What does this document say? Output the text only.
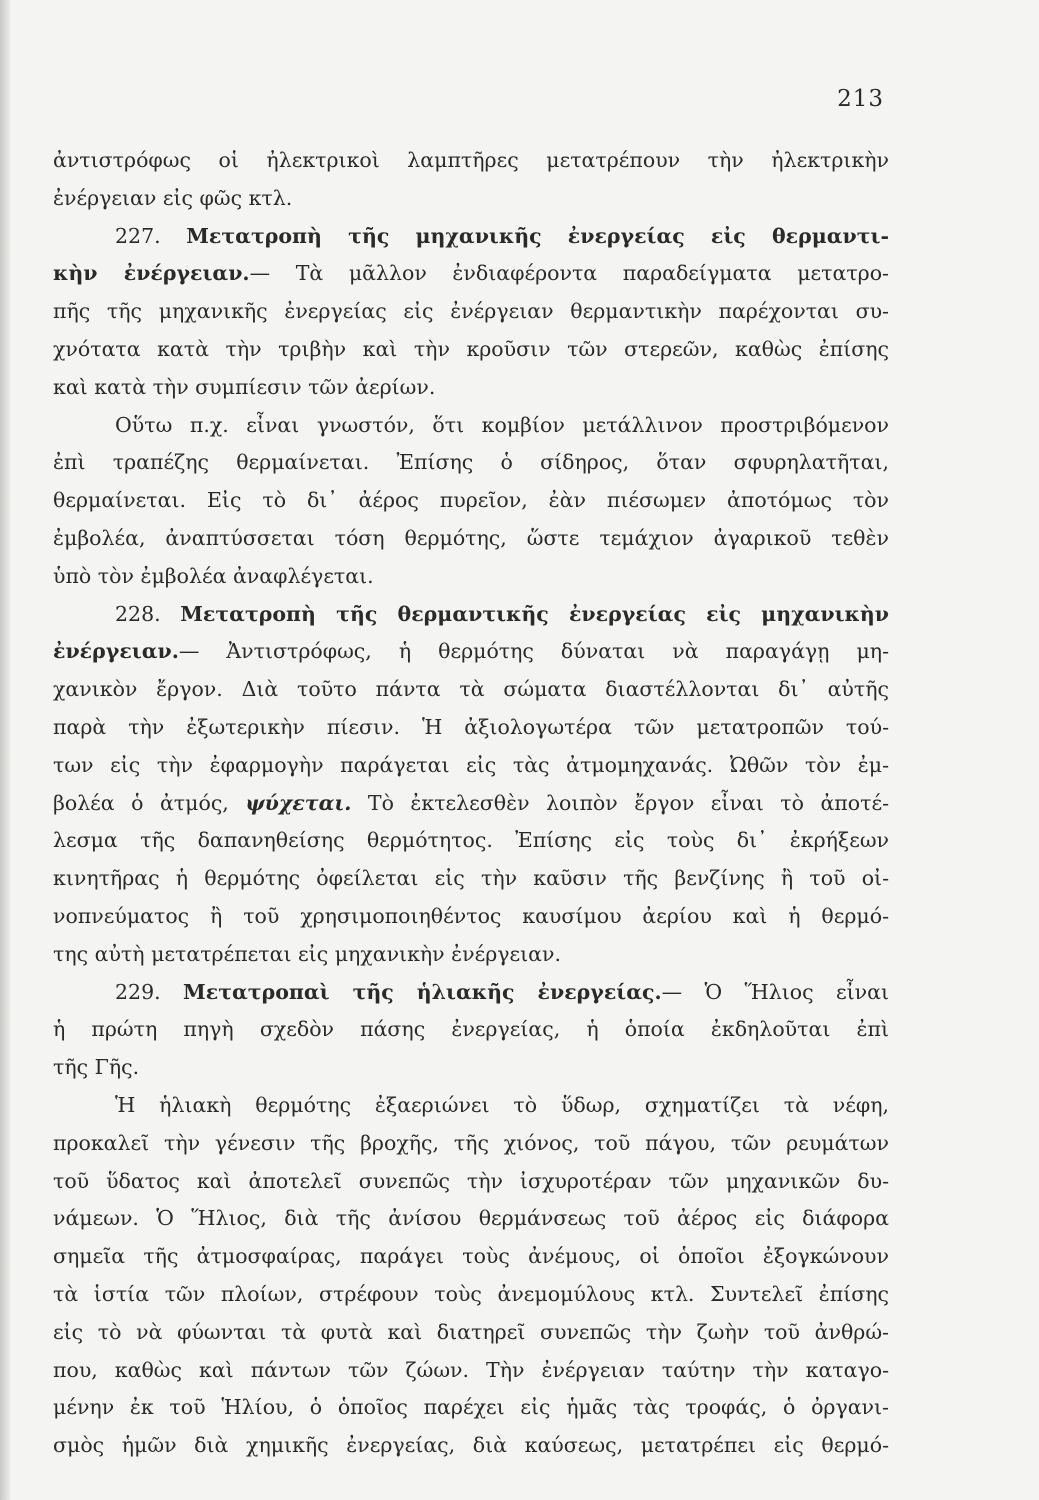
213
ἀντιστρόφως οἱ ἠλεκτρικοὶ λαμπτῆρες μετατρέπουν τὴν ἠλεκτρικὴν
ἐνέργειαν εἰς φῶς κτλ.
227. Μετατροπὴ τῆς μηχανικῆς ἐνεργείας εἰς θερμαντι-
κὴν ἐνέργειαν.— Τὰ μᾶλλον ἐνδιαφέροντα παραδείγματα μετατρο-
πῆς τῆς μηχανικῆς ἐνεργείας εἰς ἐνέργειαν θερμαντικὴν παρέχονται συ-
χνότατα κατὰ τὴν τριβὴν καὶ τὴν κροῦσιν τῶν στερεῶν, καθὼς ἐπίσης
καὶ κατὰ τὴν συμπίεσιν τῶν ἀερίων.
Οὕτω π.χ. εἶναι γνωστόν, ὅτι κομβίον μετάλλινον προστριβόμενον
ἐπὶ τραπέζης θερμαίνεται. Ἐπίσης ὁ σίδηρος, ὅταν σφυρηλατῆται,
θερμαίνεται. Εἰς τὸ δι᾿ ἀέρος πυρεῖον, ἐὰν πιέσωμεν ἀποτόμως τὸν
ἐμβολέα, ἀναπτύσσεται τόση θερμότης, ὥστε τεμάχιον ἀγαρικοῦ τεθὲν
ὑπὸ τὸν ἐμβολέα ἀναφλέγεται.
228. Μετατροπὴ τῆς θερμαντικῆς ἐνεργείας εἰς μηχανικὴν
ἐνέργειαν.— Ἀντιστρόφως, ἡ θερμότης δύναται νὰ παραγάγῃ μη-
χανικὸν ἔργον. Διὰ τοῦτο πάντα τὰ σώματα διαστέλλονται δι᾿ αὐτῆς
παρὰ τὴν ἐξωτερικὴν πίεσιν. Ἡ ἀξιολογωτέρα τῶν μετατροπῶν τού-
των εἰς τὴν ἐφαρμογὴν παράγεται εἰς τὰς ἀτμομηχανάς. Ὠθῶν τὸν ἐμ-
βολέα ὁ ἀτμός, ψύχεται. Τὸ ἐκτελεσθὲν λοιπὸν ἔργον εἶναι τὸ ἀποτέ-
λεσμα τῆς δαπανηθείσης θερμότητος. Ἐπίσης εἰς τοὺς δι᾿ ἐκρήξεων
κινητῆρας ἡ θερμότης ὀφείλεται εἰς τὴν καῦσιν τῆς βενζίνης ἢ τοῦ οἰ-
νοπνεύματος ἢ τοῦ χρησιμοποιηθέντος καυσίμου ἀερίου καὶ ἡ θερμό-
της αὐτὴ μετατρέπεται εἰς μηχανικὴν ἐνέργειαν.
229. Μετατροπαὶ τῆς ἡλιακῆς ἐνεργείας.— Ὁ Ἥλιος εἶναι
ἡ πρώτη πηγὴ σχεδὸν πάσης ἐνεργείας, ἡ ὁποία ἐκδηλοῦται ἐπὶ
τῆς Γῆς.
Ἡ ἡλιακὴ θερμότης ἐξαεριώνει τὸ ὕδωρ, σχηματίζει τὰ νέφη,
προκαλεῖ τὴν γένεσιν τῆς βροχῆς, τῆς χιόνος, τοῦ πάγου, τῶν ρευμάτων
τοῦ ὕδατος καὶ ἀποτελεῖ συνεπῶς τὴν ἰσχυροτέραν τῶν μηχανικῶν δυ-
νάμεων. Ὁ Ἥλιος, διὰ τῆς ἀνίσου θερμάνσεως τοῦ ἀέρος εἰς διάφορα
σημεῖα τῆς ἀτμοσφαίρας, παράγει τοὺς ἀνέμους, οἱ ὁποῖοι ἐξογκώνουν
τὰ ἱστία τῶν πλοίων, στρέφουν τοὺς ἀνεμομύλους κτλ. Συντελεῖ ἐπίσης
εἰς τὸ νὰ φύωνται τὰ φυτὰ καὶ διατηρεῖ συνεπῶς τὴν ζωὴν τοῦ ἀνθρώ-
που, καθὼς καὶ πάντων τῶν ζώων. Τὴν ἐνέργειαν ταύτην τὴν καταγο-
μένην ἐκ τοῦ Ἡλίου, ὁ ὁποῖος παρέχει εἰς ἡμᾶς τὰς τροφάς, ὁ ὀργανι-
σμὸς ἡμῶν διὰ χημικῆς ἐνεργείας, διὰ καύσεως, μετατρέπει εἰς θερμό-
